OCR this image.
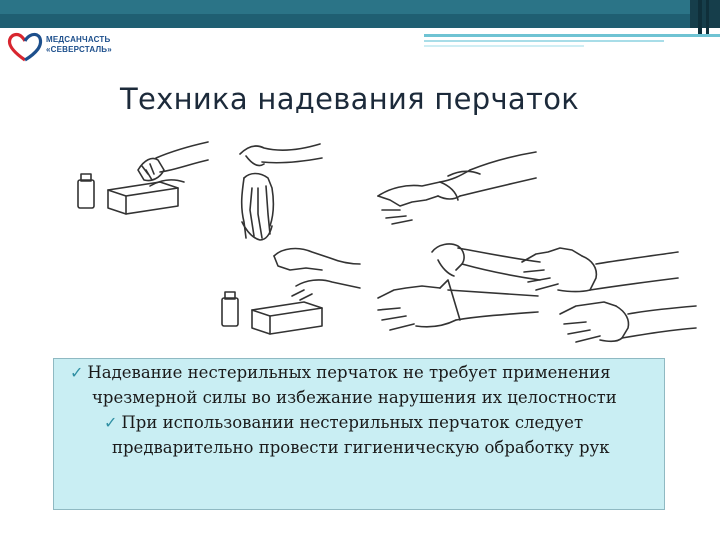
МЕДСАНЧАСТЬ
«СЕВЕРСТАЛЬ»
Техника надевания перчаток
✓ Надевание нестерильных перчаток не требует применения
чрезмерной силы во избежание нарушения их целостности
✓ При использовании нестерильных перчаток следует
предварительно провести гигиеническую обработку рук
